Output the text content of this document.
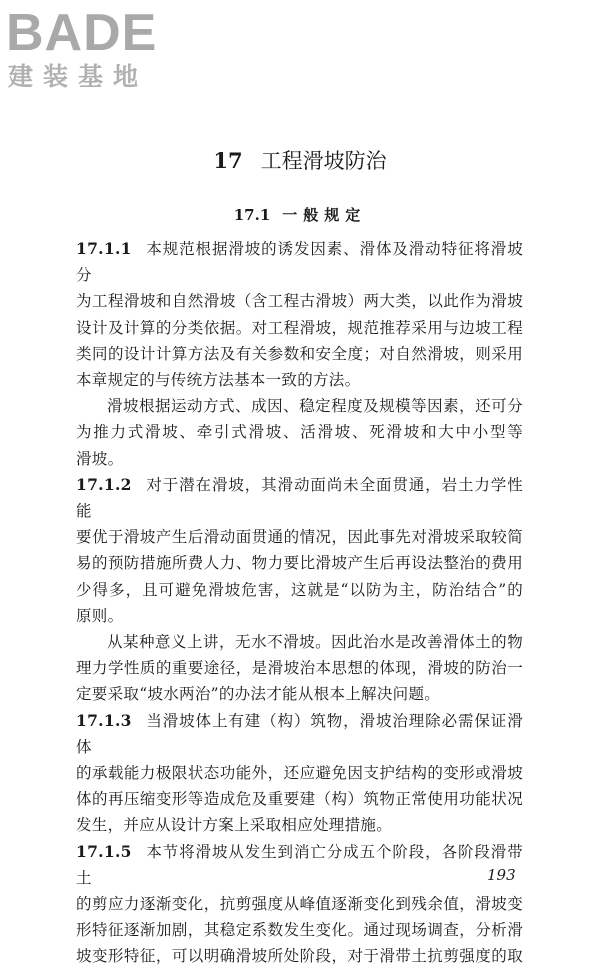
BADE
建装基地
17 工程滑坡防治
17.1 一般规定
17.1.1 本规范根据滑坡的诱发因素、滑体及滑动特征将滑坡分
为工程滑坡和自然滑坡（含工程古滑坡）两大类，以此作为滑坡
设计及计算的分类依据。对工程滑坡，规范推荐采用与边坡工程
类同的设计计算方法及有关参数和安全度；对自然滑坡，则采用
本章规定的与传统方法基本一致的方法。
滑坡根据运动方式、成因、稳定程度及规模等因素，还可分
为推力式滑坡、牵引式滑坡、活滑坡、死滑坡和大中小型等
滑坡。
17.1.2 对于潜在滑坡，其滑动面尚未全面贯通，岩土力学性能
要优于滑坡产生后滑动面贯通的情况，因此事先对滑坡采取较简
易的预防措施所费人力、物力要比滑坡产生后再设法整治的费用
少得多，且可避免滑坡危害，这就是“以防为主，防治结合”的
原则。
从某种意义上讲，无水不滑坡。因此治水是改善滑体土的物
理力学性质的重要途径，是滑坡治本思想的体现，滑坡的防治一
定要采取“坡水两治”的办法才能从根本上解决问题。
17.1.3 当滑坡体上有建（构）筑物，滑坡治理除必需保证滑体
的承载能力极限状态功能外，还应避免因支护结构的变形或滑坡
体的再压缩变形等造成危及重要建（构）筑物正常使用功能状况
发生，并应从设计方案上采取相应处理措施。
17.1.5 本节将滑坡从发生到消亡分成五个阶段，各阶段滑带土
的剪应力逐渐变化，抗剪强度从峰值逐渐变化到残余值，滑坡变
形特征逐渐加剧，其稳定系数发生变化。通过现场调查，分析滑
坡变形特征，可以明确滑坡所处阶段，对于滑带土抗剪强度的取
193
